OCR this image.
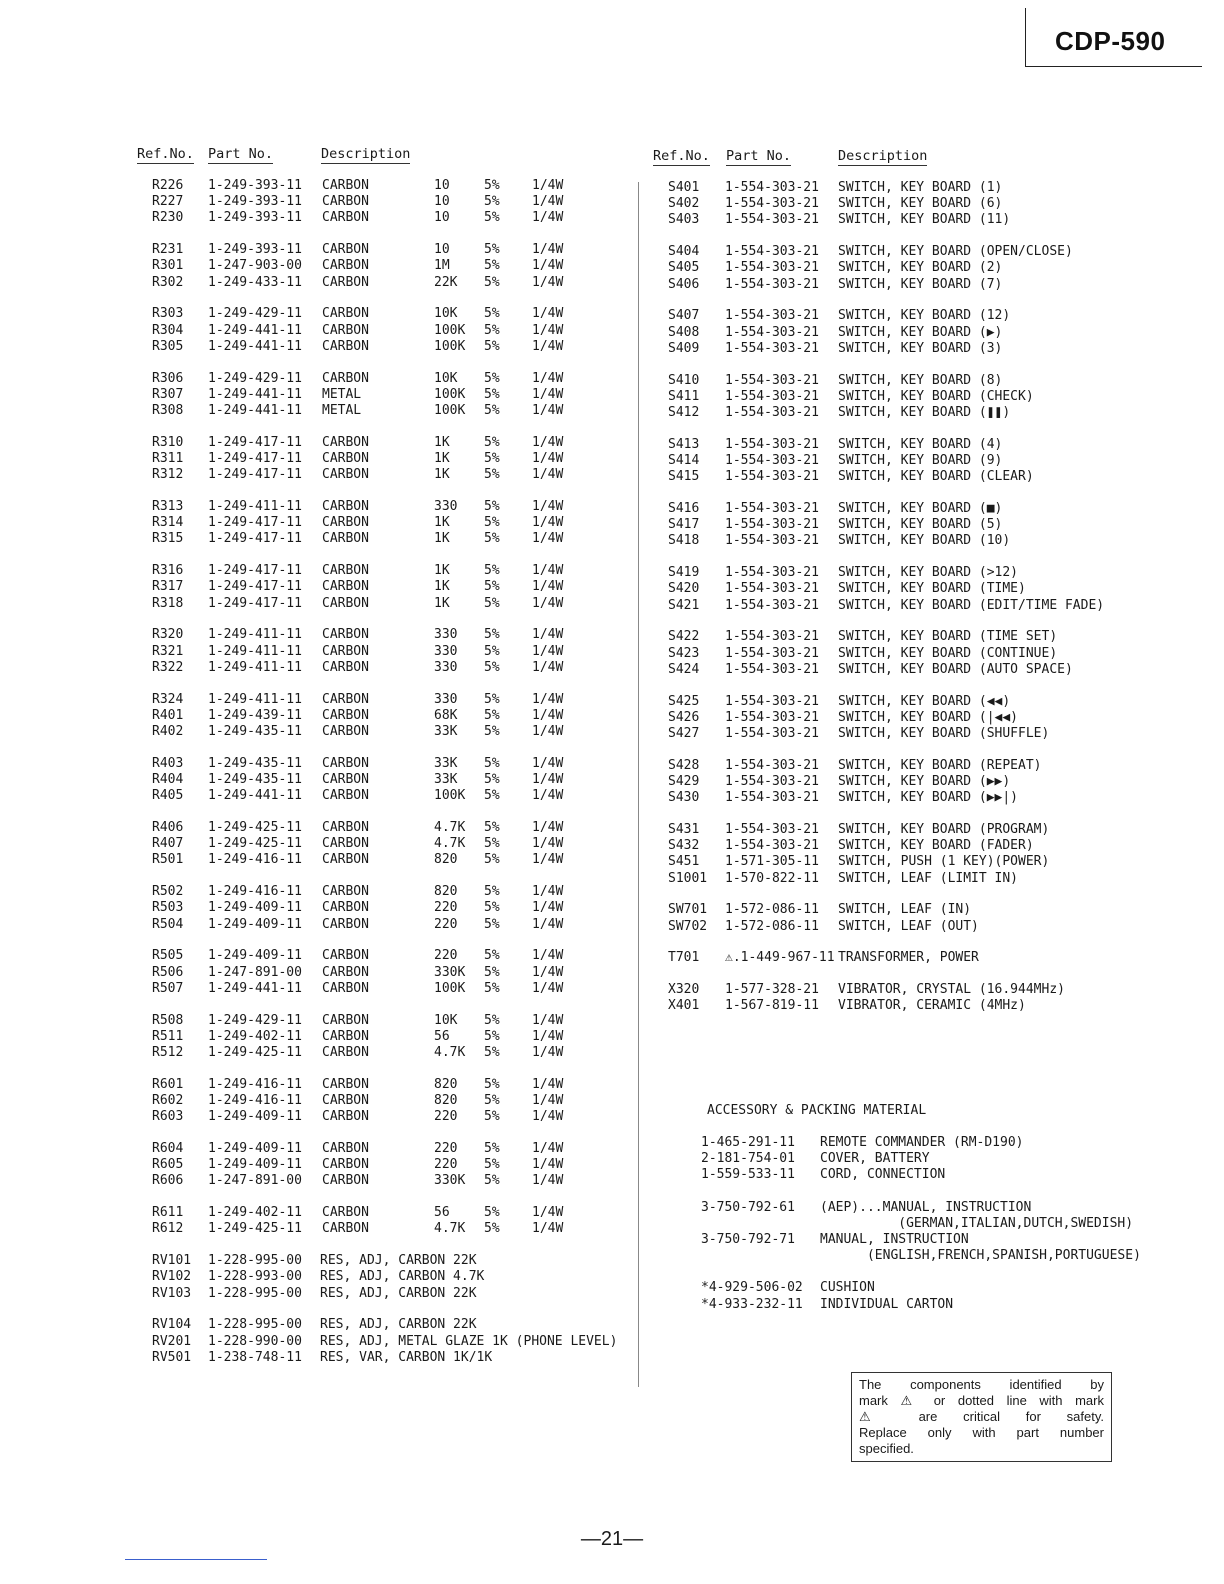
CDP-590
Ref.No. Part No.	Description	Ref.No. Part No.	Description
R226 1-249-393-11 CARBON	10	5% 1/4W
R227 1-249-393-11 CARBON	10	5% 1/4W
R230 1-249-393-11 CARBON	10	5% 1/4W
R231 1-249-393-11 CARBON	10	5% 1/4W
R301 1-247-903-00 CARBON	1M	5% 1/4W
R302 1-249-433-11 CARBON	22K 5% 1/4W
R303 1-249-429-11 CARBON	10K 5% 1/4W
R304 1-249-441-11 CARBON	100K 5% 1/4W
R305 1-249-441-11 CARBON	100K 5% 1/4W
R306 1-249-429-11 CARBON	10K 5% 1/4W
R307 1-249-441-11 METAL	100K 5% 1/4W
R308 1-249-441-11 METAL	100K 5% 1/4W
R310 1-249-417-11 CARBON	1K	5% 1/4W
R311 1-249-417-11 CARBON	1K	5% 1/4W
R312 1-249-417-11 CARBON	1K	5% 1/4W
R313 1-249-411-11 CARBON	330 5% 1/4W
R314 1-249-417-11 CARBON	1K	5% 1/4W
R315 1-249-417-11 CARBON	1K	5% 1/4W
R316 1-249-417-11 CARBON	1K	5% 1/4W
R317 1-249-417-11 CARBON	1K	5% 1/4W
R318 1-249-417-11 CARBON	1K	5% 1/4W
R320 1-249-411-11 CARBON	330 5% 1/4W
R321 1-249-411-11 CARBON	330 5% 1/4W
R322 1-249-411-11 CARBON	330 5% 1/4W
R324 1-249-411-11 CARBON	330 5% 1/4W
R401 1-249-439-11 CARBON	68K 5% 1/4W
R402 1-249-435-11 CARBON	33K 5% 1/4W
R403 1-249-435-11 CARBON	33K 5% 1/4W
R404 1-249-435-11 CARBON	33K 5% 1/4W
R405 1-249-441-11 CARBON	100K 5% 1/4W
R406 1-249-425-11 CARBON	4.7K 5% 1/4W
R407 1-249-425-11 CARBON	4.7K 5% 1/4W
R501 1-249-416-11 CARBON	820 5% 1/4W
R502 1-249-416-11 CARBON	820 5% 1/4W
R503 1-249-409-11 CARBON	220 5% 1/4W
R504 1-249-409-11 CARBON	220 5% 1/4W
R505 1-249-409-11 CARBON	220 5% 1/4W
R506 1-247-891-00 CARBON	330K 5% 1/4W
R507 1-249-441-11 CARBON	100K 5% 1/4W
R508 1-249-429-11 CARBON	10K 5% 1/4W
R511 1-249-402-11 CARBON	56	5% 1/4W
R512 1-249-425-11 CARBON	4.7K 5% 1/4W
R601 1-249-416-11 CARBON	820 5% 1/4W
R602 1-249-416-11 CARBON	820 5% 1/4W
R603 1-249-409-11 CARBON	220 5% 1/4W
R604 1-249-409-11 CARBON	220 5% 1/4W
R605 1-249-409-11 CARBON	220 5% 1/4W
R606 1-247-891-00 CARBON	330K 5% 1/4W
R611 1-249-402-11 CARBON	56	5% 1/4W
R612 1-249-425-11 CARBON	4.7K 5% 1/4W
RV101 1-228-995-00 RES, ADJ, CARBON 22K
RV102 1-228-993-00 RES, ADJ, CARBON 4.7K
RV103 1-228-995-00 RES, ADJ, CARBON 22K
RV104 1-228-995-00 RES, ADJ, CARBON 22K
RV201 1-228-990-00 RES, ADJ, METAL GLAZE 1K (PHONE LEVEL)
RV501 1-238-748-11 RES, VAR, CARBON 1K/1K
S401 1-554-303-21 SWITCH, KEY BOARD (1)
S402 1-554-303-21 SWITCH, KEY BOARD (6)
S403 1-554-303-21 SWITCH, KEY BOARD (11)
S404 1-554-303-21 SWITCH, KEY BOARD (OPEN/CLOSE)
S405 1-554-303-21 SWITCH, KEY BOARD (2)
S406 1-554-303-21 SWITCH, KEY BOARD (7)
S407 1-554-303-21 SWITCH, KEY BOARD (12)
S408 1-554-303-21 SWITCH, KEY BOARD (▶)
S409 1-554-303-21 SWITCH, KEY BOARD (3)
S410 1-554-303-21 SWITCH, KEY BOARD (8)
S411 1-554-303-21 SWITCH, KEY BOARD (CHECK)
S412 1-554-303-21 SWITCH, KEY BOARD (❚❚)
S413 1-554-303-21 SWITCH, KEY BOARD (4)
S414 1-554-303-21 SWITCH, KEY BOARD (9)
S415 1-554-303-21 SWITCH, KEY BOARD (CLEAR)
S416 1-554-303-21 SWITCH, KEY BOARD (■)
S417 1-554-303-21 SWITCH, KEY BOARD (5)
S418 1-554-303-21 SWITCH, KEY BOARD (10)
S419 1-554-303-21 SWITCH, KEY BOARD (>12)
S420 1-554-303-21 SWITCH, KEY BOARD (TIME)
S421 1-554-303-21 SWITCH, KEY BOARD (EDIT/TIME FADE)
S422 1-554-303-21 SWITCH, KEY BOARD (TIME SET)
S423 1-554-303-21 SWITCH, KEY BOARD (CONTINUE)
S424 1-554-303-21 SWITCH, KEY BOARD (AUTO SPACE)
S425 1-554-303-21 SWITCH, KEY BOARD (◀◀)
S426 1-554-303-21 SWITCH, KEY BOARD (|◀◀)
S427 1-554-303-21 SWITCH, KEY BOARD (SHUFFLE)
S428 1-554-303-21 SWITCH, KEY BOARD (REPEAT)
S429 1-554-303-21 SWITCH, KEY BOARD (▶▶)
S430 1-554-303-21 SWITCH, KEY BOARD (▶▶|)
S431 1-554-303-21 SWITCH, KEY BOARD (PROGRAM)
S432 1-554-303-21 SWITCH, KEY BOARD (FADER)
S451 1-571-305-11 SWITCH, PUSH (1 KEY)(POWER)
S1001 1-570-822-11 SWITCH, LEAF (LIMIT IN)
SW701 1-572-086-11 SWITCH, LEAF (IN)
SW702 1-572-086-11 SWITCH, LEAF (OUT)
T701 ⚠.1-449-967-11 TRANSFORMER, POWER
X320 1-577-328-21 VIBRATOR, CRYSTAL (16.944MHz)
X401 1-567-819-11 VIBRATOR, CERAMIC (4MHz)
ACCESSORY & PACKING MATERIAL
1-465-291-11 REMOTE COMMANDER (RM-D190)
2-181-754-01 COVER, BATTERY
1-559-533-11 CORD, CONNECTION
3-750-792-61 (AEP)...MANUAL, INSTRUCTION
(GERMAN,ITALIAN,DUTCH,SWEDISH)
3-750-792-71 MANUAL, INSTRUCTION
(ENGLISH,FRENCH,SPANISH,PORTUGUESE)
*4-929-506-02 CUSHION
*4-933-232-11 INDIVIDUAL CARTON
The components identified by
mark ⚠ or dotted line with mark
⚠ are critical for safety.
Replace only with part number
specified.
—21—
